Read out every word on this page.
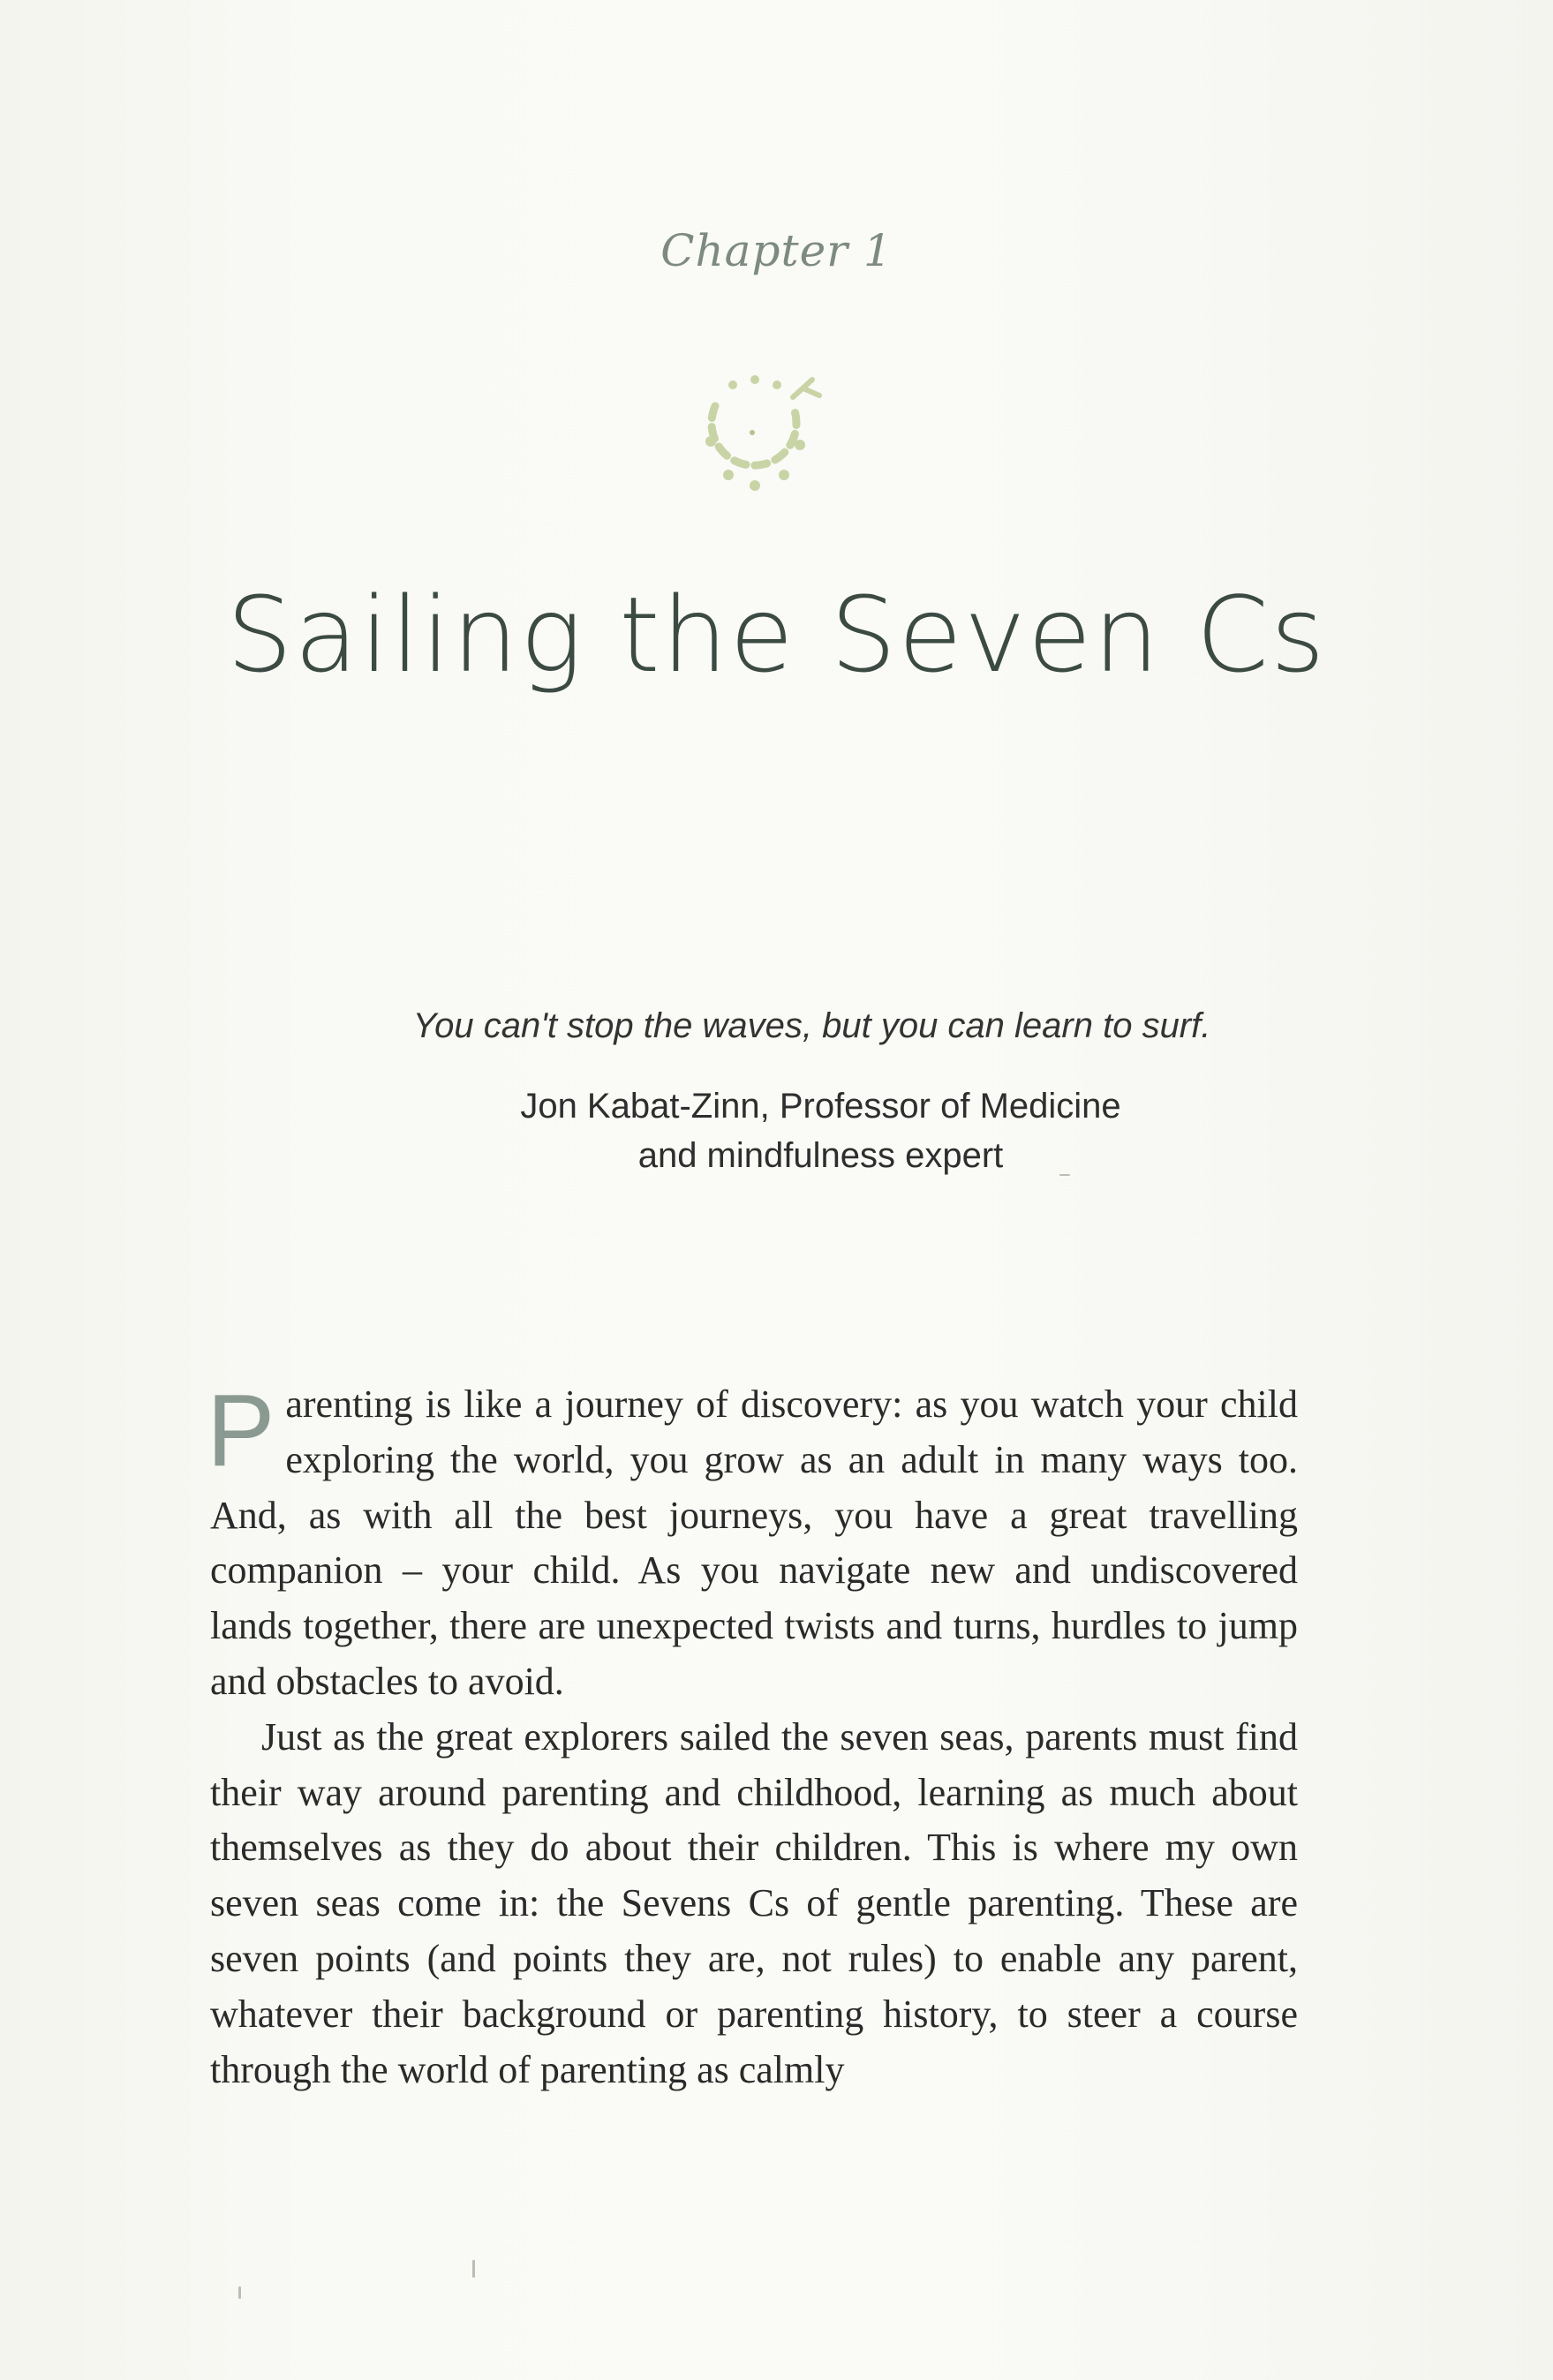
Chapter 1
Sailing the Seven Cs
You can't stop the waves, but you can learn to surf.
Jon Kabat-Zinn, Professor of Medicine
and mindfulness expert

Parenting is like a journey of discovery: as you watch your child exploring the world, you grow as an adult in many ways too. And, as with all the best journeys, you have a great travelling companion – your child. As you navigate new and undiscovered lands together, there are unexpected twists and turns, hurdles to jump and obstacles to avoid.

Just as the great explorers sailed the seven seas, parents must find their way around parenting and childhood, learning as much about themselves as they do about their children. This is where my own seven seas come in: the Sevens Cs of gentle parenting. These are seven points (and points they are, not rules) to enable any parent, whatever their background or parenting history, to steer a course through the world of parenting as calmly
